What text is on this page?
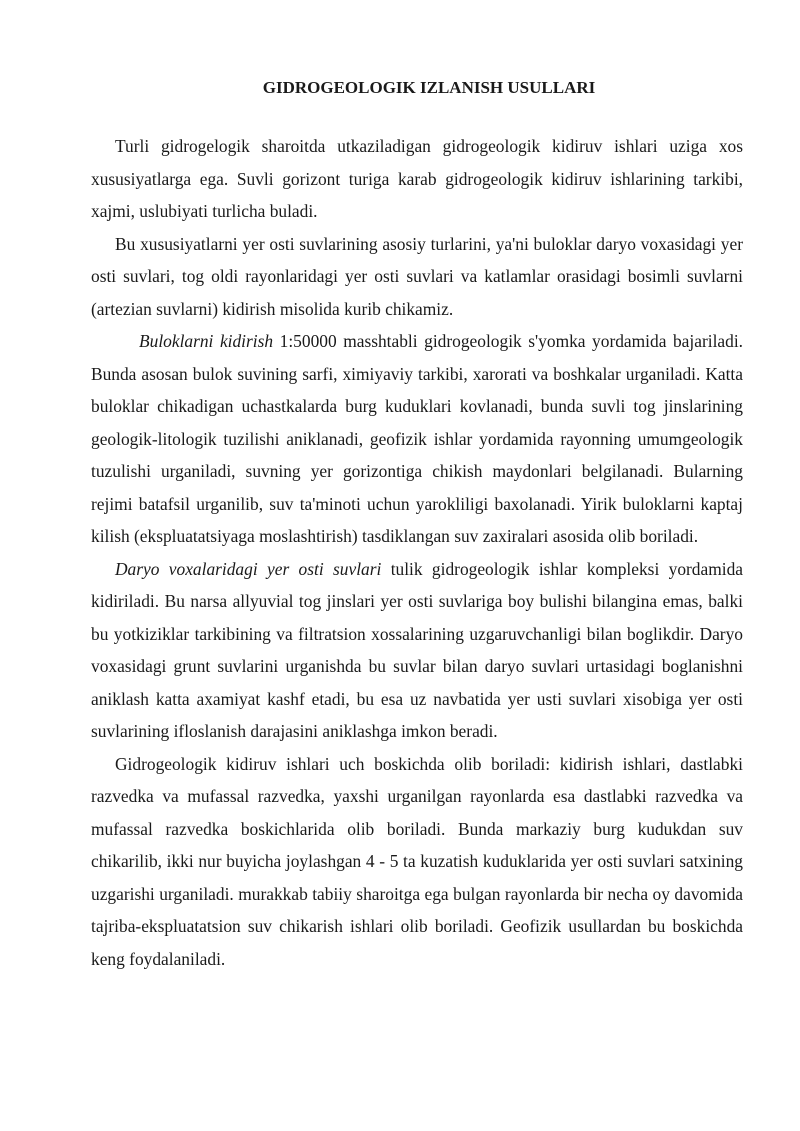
GIDROGEOLOGIK IZLANISH USULLARI

Turli gidrogelogik sharoitda utkaziladigan gidrogeologik kidiruv ishlari uziga xos xususiyatlarga ega. Suvli gorizont turiga karab gidrogeologik kidiruv ishlarining tarkibi, xajmi, uslubiyati turlicha buladi.

Bu xususiyatlarni yer osti suvlarining asosiy turlarini, ya'ni buloklar daryo voxasidagi yer osti suvlari, tog oldi rayonlaridagi yer osti suvlari va katlamlar orasidagi bosimli suvlarni (artezian suvlarni) kidirish misolida kurib chikamiz.

Buloklarni kidirish 1:50000 masshtabli gidrogeologik s'yomka yordamida bajariladi. Bunda asosan bulok suvining sarfi, ximiyaviy tarkibi, xarorati va boshkalar urganiladi. Katta buloklar chikadigan uchastkalarda burg kuduklari kovlanadi, bunda suvli tog jinslarining geologik-litologik tuzilishi aniklanadi, geofizik ishlar yordamida rayonning umumgeologik tuzulishi urganiladi, suvning yer gorizontiga chikish maydonlari belgilanadi. Bularning rejimi batafsil urganilib, suv ta'minoti uchun yarokliligi baxolanadi. Yirik buloklarni kaptaj kilish (ekspluatatsiyaga moslashtirish) tasdiklangan suv zaxiralari asosida olib boriladi.

Daryo voxalaridagi yer osti suvlari tulik gidrogeologik ishlar kompleksi yordamida kidiriladi. Bu narsa allyuvial tog jinslari yer osti suvlariga boy bulishi bilangina emas, balki bu yotkiziklar tarkibining va filtratsion xossalarining uzgaruvchanligi bilan boglikdir. Daryo voxasidagi grunt suvlarini urganishda bu suvlar bilan daryo suvlari urtasidagi boglanishni aniklash katta axamiyat kashf etadi, bu esa uz navbatida yer usti suvlari xisobiga yer osti suvlarining ifloslanish darajasini aniklashga imkon beradi.

Gidrogeologik kidiruv ishlari uch boskichda olib boriladi: kidirish ishlari, dastlabki razvedka va mufassal razvedka, yaxshi urganilgan rayonlarda esa dastlabki razvedka va mufassal razvedka boskichlarida olib boriladi. Bunda markaziy burg kudukdan suv chikarilib, ikki nur buyicha joylashgan 4 - 5 ta kuzatish kuduklarida yer osti suvlari satxining uzgarishi urganiladi. murakkab tabiiy sharoitga ega bulgan rayonlarda bir necha oy davomida tajriba-ekspluatatsion suv chikarish ishlari olib boriladi. Geofizik usullardan bu boskichda keng foydalaniladi.
